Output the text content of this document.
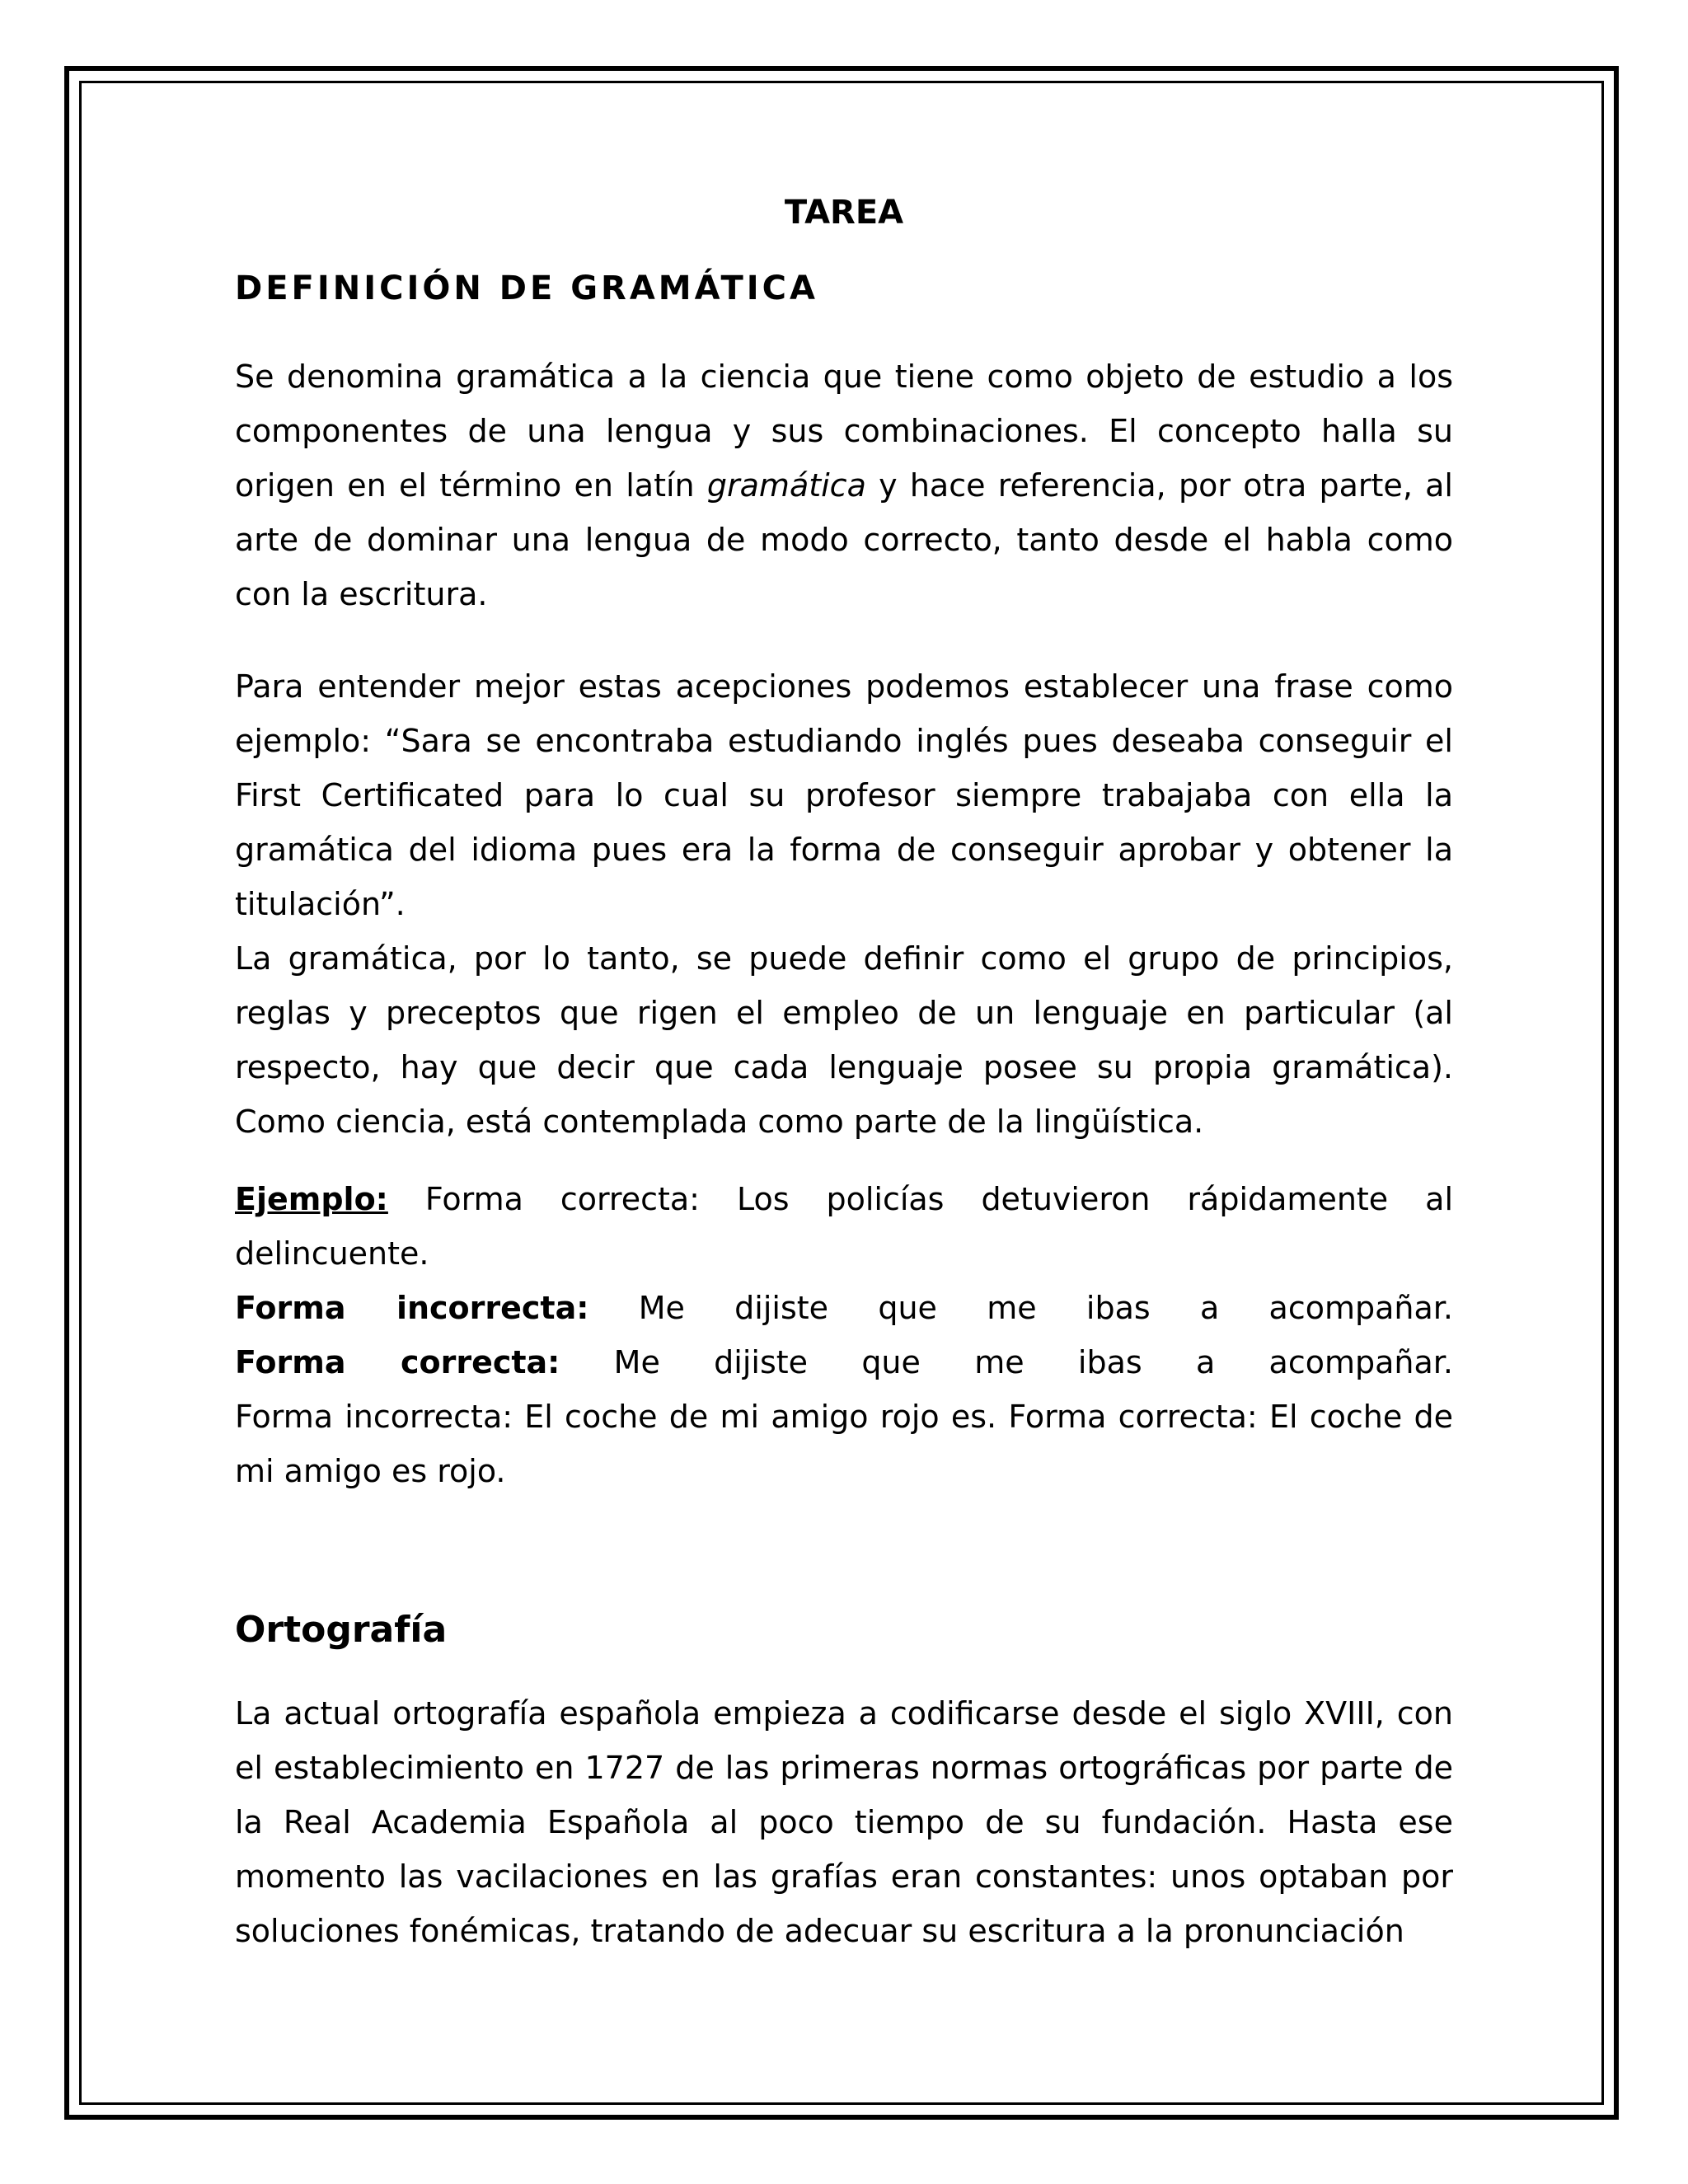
TAREA
DEFINICIÓN DE GRAMÁTICA

Se denomina gramática a la ciencia que tiene como objeto de estudio a los componentes de una lengua y sus combinaciones. El concepto halla su origen en el término en latín gramática y hace referencia, por otra parte, al arte de dominar una lengua de modo correcto, tanto desde el habla como con la escritura.

Para entender mejor estas acepciones podemos establecer una frase como ejemplo: “Sara se encontraba estudiando inglés pues deseaba conseguir el First Certificated para lo cual su profesor siempre trabajaba con ella la gramática del idioma pues era la forma de conseguir aprobar y obtener la titulación”.

La gramática, por lo tanto, se puede definir como el grupo de principios, reglas y preceptos que rigen el empleo de un lenguaje en particular (al respecto, hay que decir que cada lenguaje posee su propia gramática). Como ciencia, está contemplada como parte de la lingüística.

Ejemplo: Forma correcta: Los policías detuvieron rápidamente al delincuente.
Forma incorrecta: Me dijiste que me ibas a acompañar.
Forma correcta: Me dijiste que me ibas a acompañar.
Forma incorrecta: El coche de mi amigo rojo es. Forma correcta: El coche de mi amigo es rojo.

Ortografía

La actual ortografía española empieza a codificarse desde el siglo XVIII, con el establecimiento en 1727 de las primeras normas ortográficas por parte de la Real Academia Española al poco tiempo de su fundación. Hasta ese momento las vacilaciones en las grafías eran constantes: unos optaban por soluciones fonémicas, tratando de adecuar su escritura a la pronunciación
